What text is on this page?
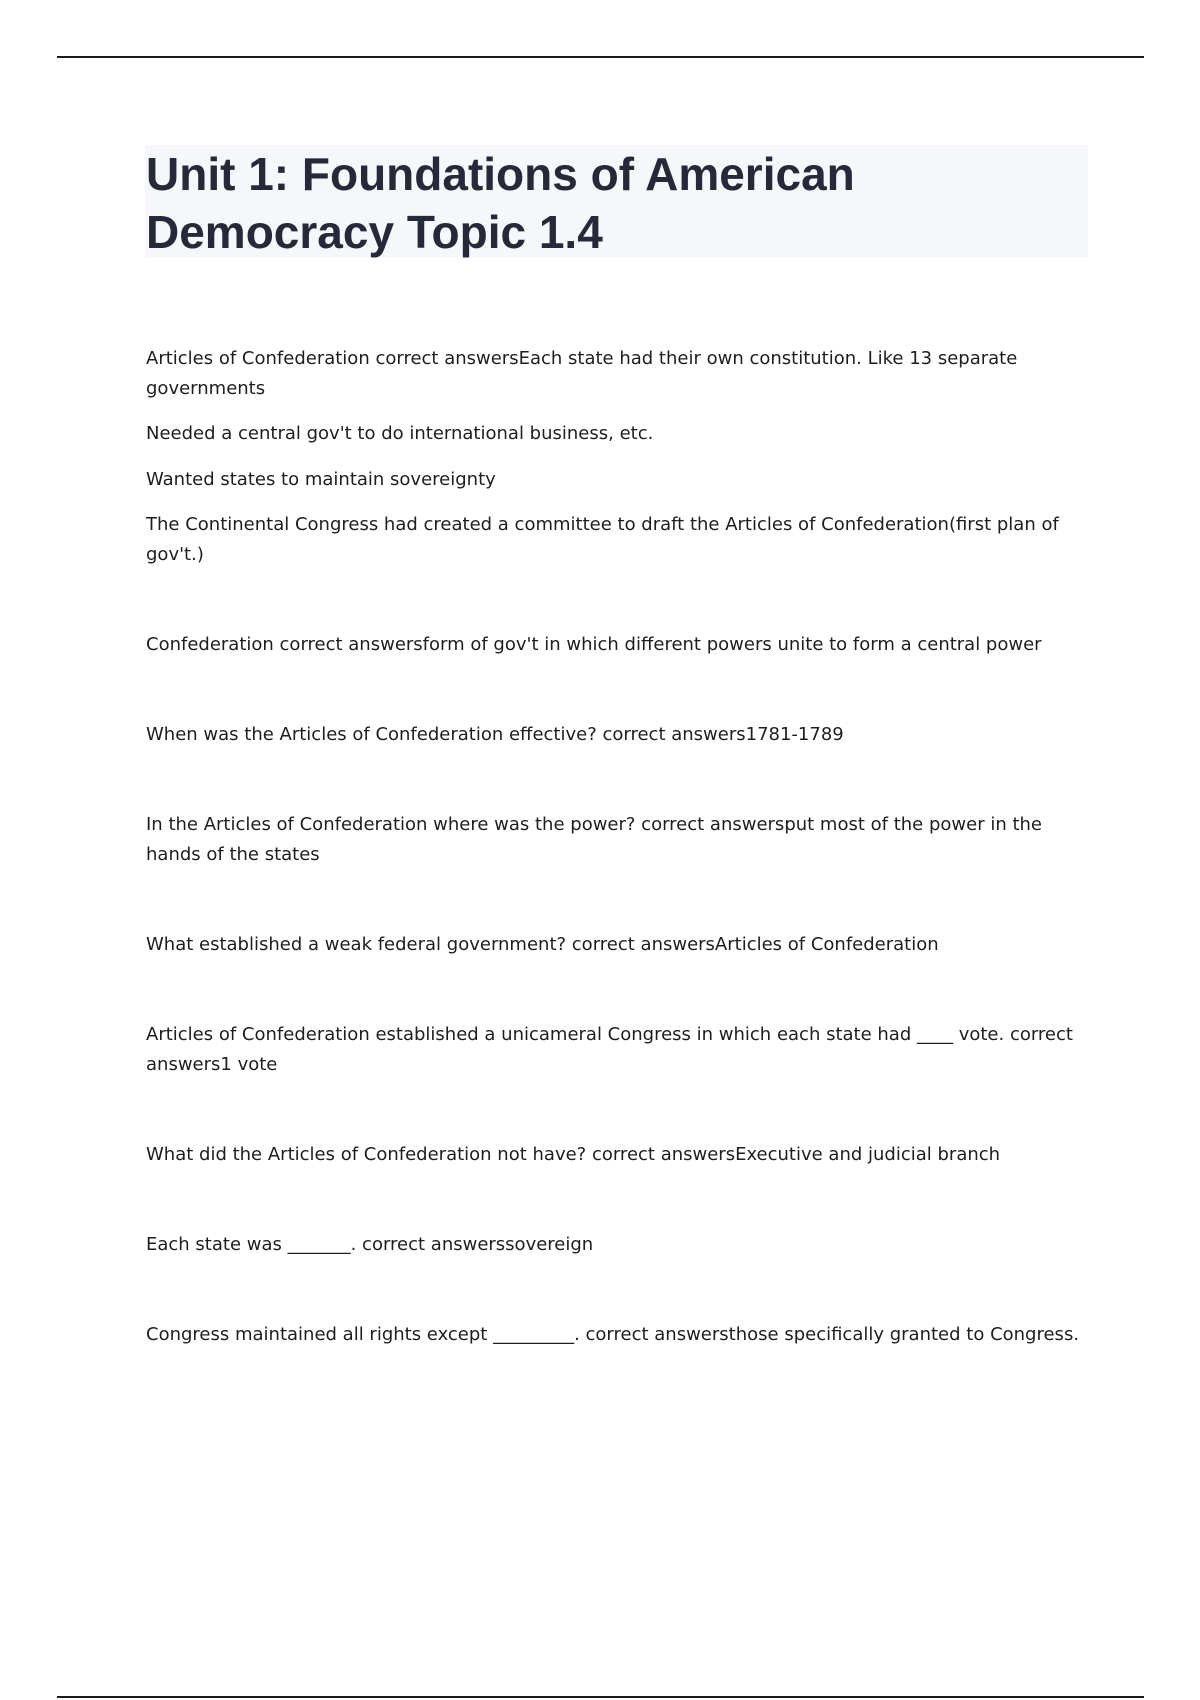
Unit 1: Foundations of American Democracy Topic 1.4

Articles of Confederation correct answersEach state had their own constitution. Like 13 separate governments

Needed a central gov't to do international business, etc.

Wanted states to maintain sovereignty

The Continental Congress had created a committee to draft the Articles of Confederation(first plan of gov't.)

Confederation correct answersform of gov't in which different powers unite to form a central power

When was the Articles of Confederation effective? correct answers1781-1789

In the Articles of Confederation where was the power? correct answersput most of the power in the hands of the states

What established a weak federal government? correct answersArticles of Confederation

Articles of Confederation established a unicameral Congress in which each state had ____ vote. correct answers1 vote

What did the Articles of Confederation not have? correct answersExecutive and judicial branch

Each state was _______. correct answerssovereign

Congress maintained all rights except _________. correct answersthose specifically granted to Congress.
